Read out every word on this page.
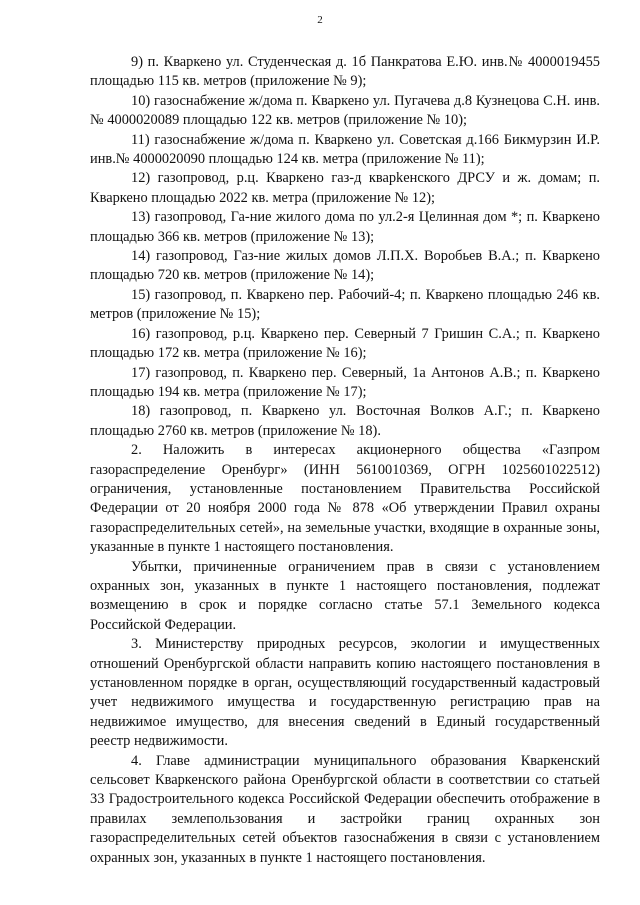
2

9) п. Кваркено ул. Студенческая д. 1б Панкратова Е.Ю. инв.№ 4000019455 площадью 115 кв. метров (приложение № 9);

10) газоснабжение ж/дома п. Кваркено ул. Пугачева д.8 Кузнецова С.Н. инв.№ 4000020089 площадью 122 кв. метров (приложение № 10);

11) газоснабжение ж/дома п. Кваркено ул. Советская д.166 Бикмурзин И.Р. инв.№ 4000020090 площадью 124 кв. метра (приложение № 11);

12) газопровод, р.ц. Кваркено газ-д кварkенского ДРСУ и ж. домам; п. Кваркено площадью 2022 кв. метра (приложение № 12);

13) газопровод, Га-ние жилого дома по ул.2-я Целинная дом *; п. Кваркено площадью 366 кв. метров (приложение № 13);

14) газопровод, Газ-ние жилых домов Л.П.Х. Воробьев В.А.; п. Кваркено площадью 720 кв. метров (приложение № 14);

15) газопровод, п. Кваркено пер. Рабочий-4; п. Кваркено площадью 246 кв. метров (приложение № 15);

16) газопровод, р.ц. Кваркено пер. Северный 7 Гришин С.А.; п. Кваркено площадью 172 кв. метра (приложение № 16);

17) газопровод, п. Кваркено пер. Северный, 1а Антонов А.В.; п. Кваркено площадью 194 кв. метра (приложение № 17);

18) газопровод, п. Кваркено ул. Восточная Волков А.Г.; п. Кваркено площадью 2760 кв. метров (приложение № 18).

2. Наложить в интересах акционерного общества «Газпром газораспределение Оренбург» (ИНН 5610010369, ОГРН 1025601022512) ограничения, установленные постановлением Правительства Российской Федерации от 20 ноября 2000 года № 878 «Об утверждении Правил охраны газораспределительных сетей», на земельные участки, входящие в охранные зоны, указанные в пункте 1 настоящего постановления.

Убытки, причиненные ограничением прав в связи с установлением охранных зон, указанных в пункте 1 настоящего постановления, подлежат возмещению в срок и порядке согласно статье 57.1 Земельного кодекса Российской Федерации.

3. Министерству природных ресурсов, экологии и имущественных отношений Оренбургской области направить копию настоящего постановления в установленном порядке в орган, осуществляющий государственный кадастровый учет недвижимого имущества и государственную регистрацию прав на недвижимое имущество, для внесения сведений в Единый государственный реестр недвижимости.

4. Главе администрации муниципального образования Кваркенский сельсовет Кваркенского района Оренбургской области в соответствии со статьей 33 Градостроительного кодекса Российской Федерации обеспечить отображение в правилах землепользования и застройки границ охранных зон газораспределительных сетей объектов газоснабжения в связи с установлением охранных зон, указанных в пункте 1 настоящего постановления.
